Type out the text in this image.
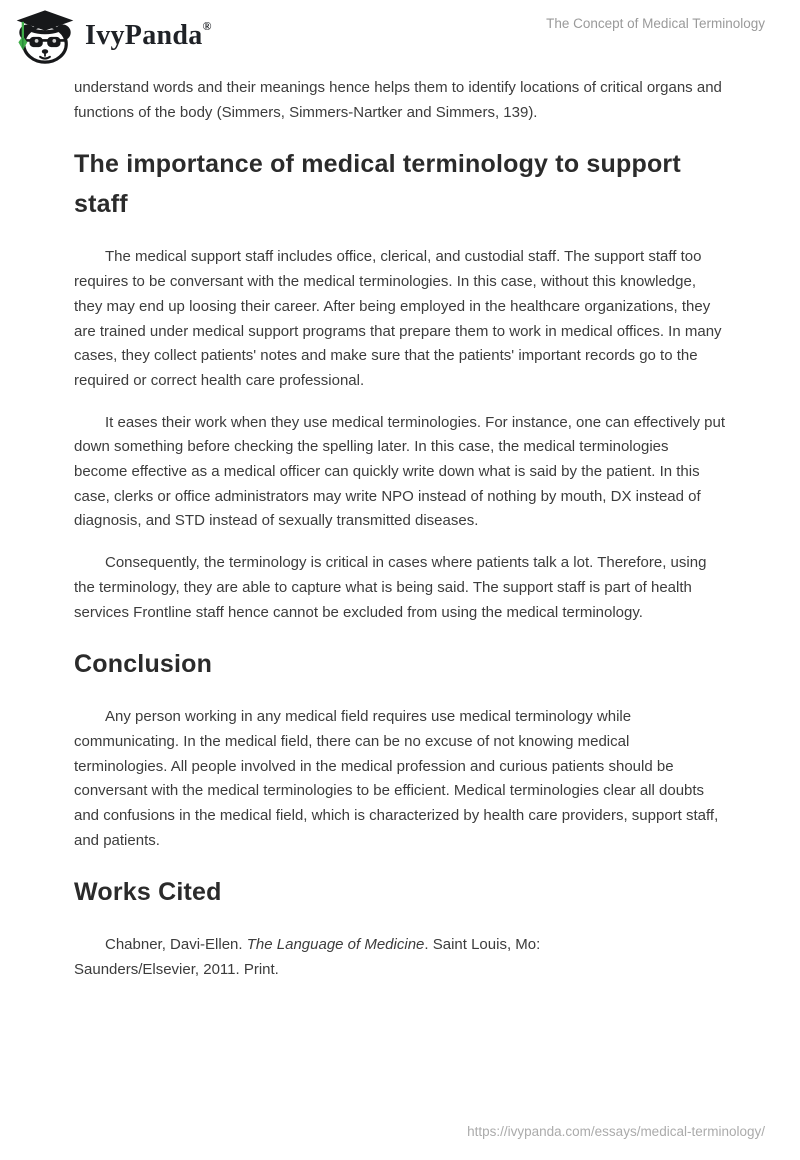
IvyPanda®	The Concept of Medical Terminology

understand words and their meanings hence helps them to identify locations of critical organs and functions of the body (Simmers, Simmers-Nartker and Simmers, 139).

The importance of medical terminology to support staff

The medical support staff includes office, clerical, and custodial staff. The support staff too requires to be conversant with the medical terminologies. In this case, without this knowledge, they may end up loosing their career. After being employed in the healthcare organizations, they are trained under medical support programs that prepare them to work in medical offices. In many cases, they collect patients' notes and make sure that the patients' important records go to the required or correct health care professional.

It eases their work when they use medical terminologies. For instance, one can effectively put down something before checking the spelling later. In this case, the medical terminologies become effective as a medical officer can quickly write down what is said by the patient. In this case, clerks or office administrators may write NPO instead of nothing by mouth, DX instead of diagnosis, and STD instead of sexually transmitted diseases.

Consequently, the terminology is critical in cases where patients talk a lot. Therefore, using the terminology, they are able to capture what is being said. The support staff is part of health services Frontline staff hence cannot be excluded from using the medical terminology.

Conclusion

Any person working in any medical field requires use medical terminology while communicating. In the medical field, there can be no excuse of not knowing medical terminologies. All people involved in the medical profession and curious patients should be conversant with the medical terminologies to be efficient. Medical terminologies clear all doubts and confusions in the medical field, which is characterized by health care providers, support staff, and patients.

Works Cited

Chabner, Davi-Ellen. The Language of Medicine. Saint Louis, Mo:
Saunders/Elsevier, 2011. Print.

https://ivypanda.com/essays/medical-terminology/
